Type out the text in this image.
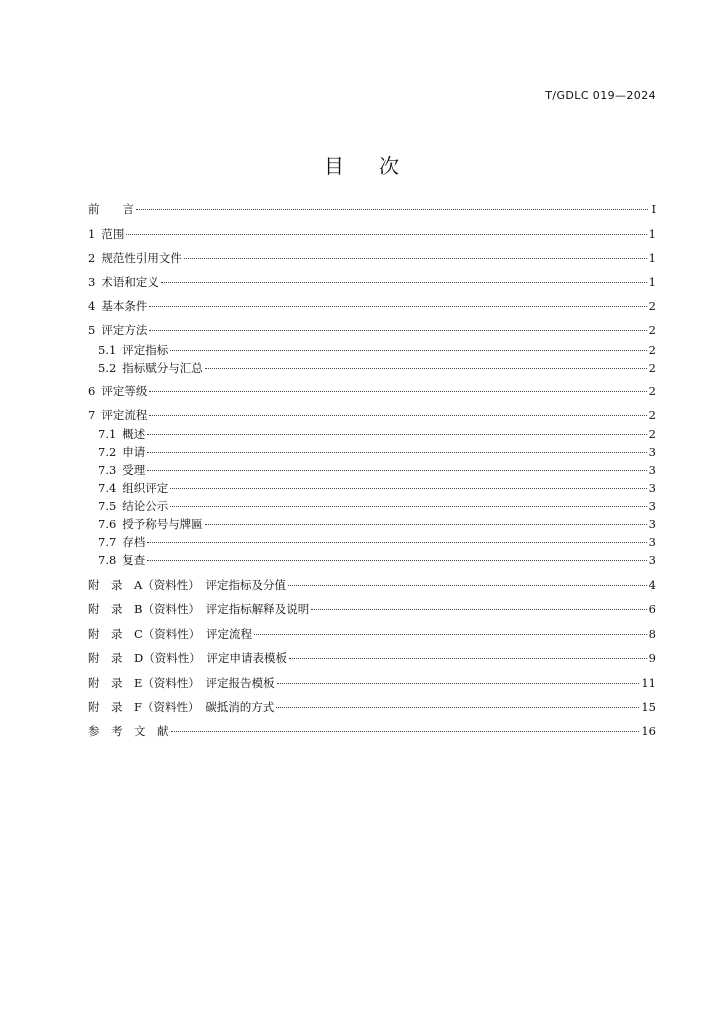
T/GDLC 019—2024
目 次
前　　言	I
1 范围	1
2 规范性引用文件	1
3 术语和定义	1
4 基本条件	2
5 评定方法	2
5.1 评定指标	2
5.2 指标赋分与汇总	2
6 评定等级	2
7 评定流程	2
7.1 概述	2
7.2 申请	3
7.3 受理	3
7.4 组织评定	3
7.5 结论公示	3
7.6 授予称号与牌匾	3
7.7 存档	3
7.8 复查	3
附　录　A（资料性）　评定指标及分值	4
附　录　B（资料性）　评定指标解释及说明	6
附　录　C（资料性）　评定流程	8
附　录　D（资料性）　评定申请表模板	9
附　录　E（资料性）　评定报告模板	11
附　录　F（资料性）　碳抵消的方式	15
参　考　文　献	16
